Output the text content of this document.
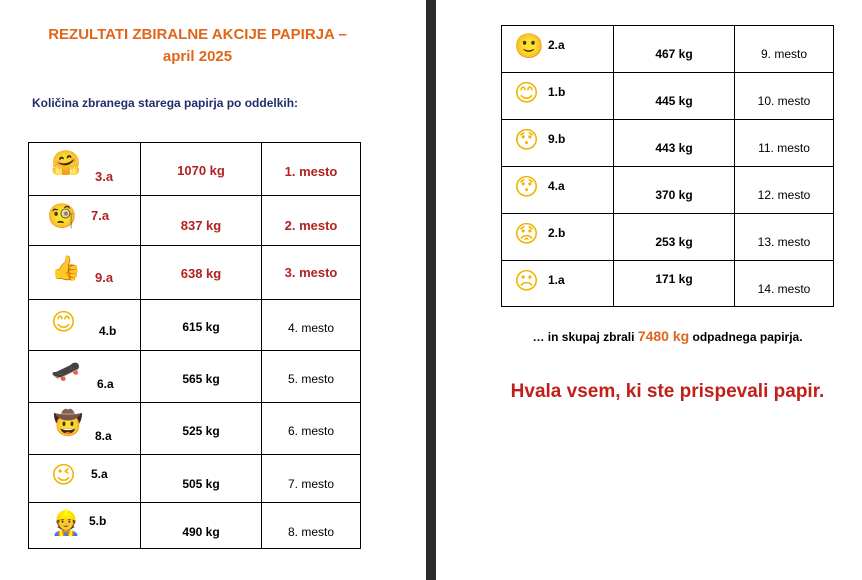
REZULTATI ZBIRALNE AKCIJE PAPIRJA –
april 2025
Količina zbranega starega papirja po oddelkih:
🤗 3.a	1070 kg	1. mesto

🧐 7.a	837 kg	2. mesto

👍 9.a	638 kg	3. mesto

😊 4.b	615 kg	4. mesto

🛹 6.a	565 kg	5. mesto

🤠 8.a	525 kg	6. mesto

😉 5.a	505 kg	7. mesto

👷 5.b	490 kg	8. mesto
🙂 2.a	467 kg	9. mesto

😊 1.b	445 kg	10. mesto

😯 9.b	443 kg	11. mesto

😯 4.a	370 kg	12. mesto

😟 2.b	253 kg	13. mesto

☹ 1.a	171 kg	14. mesto
… in skupaj zbrali 7480 kg odpadnega papirja.
Hvala vsem, ki ste prispevali papir.
